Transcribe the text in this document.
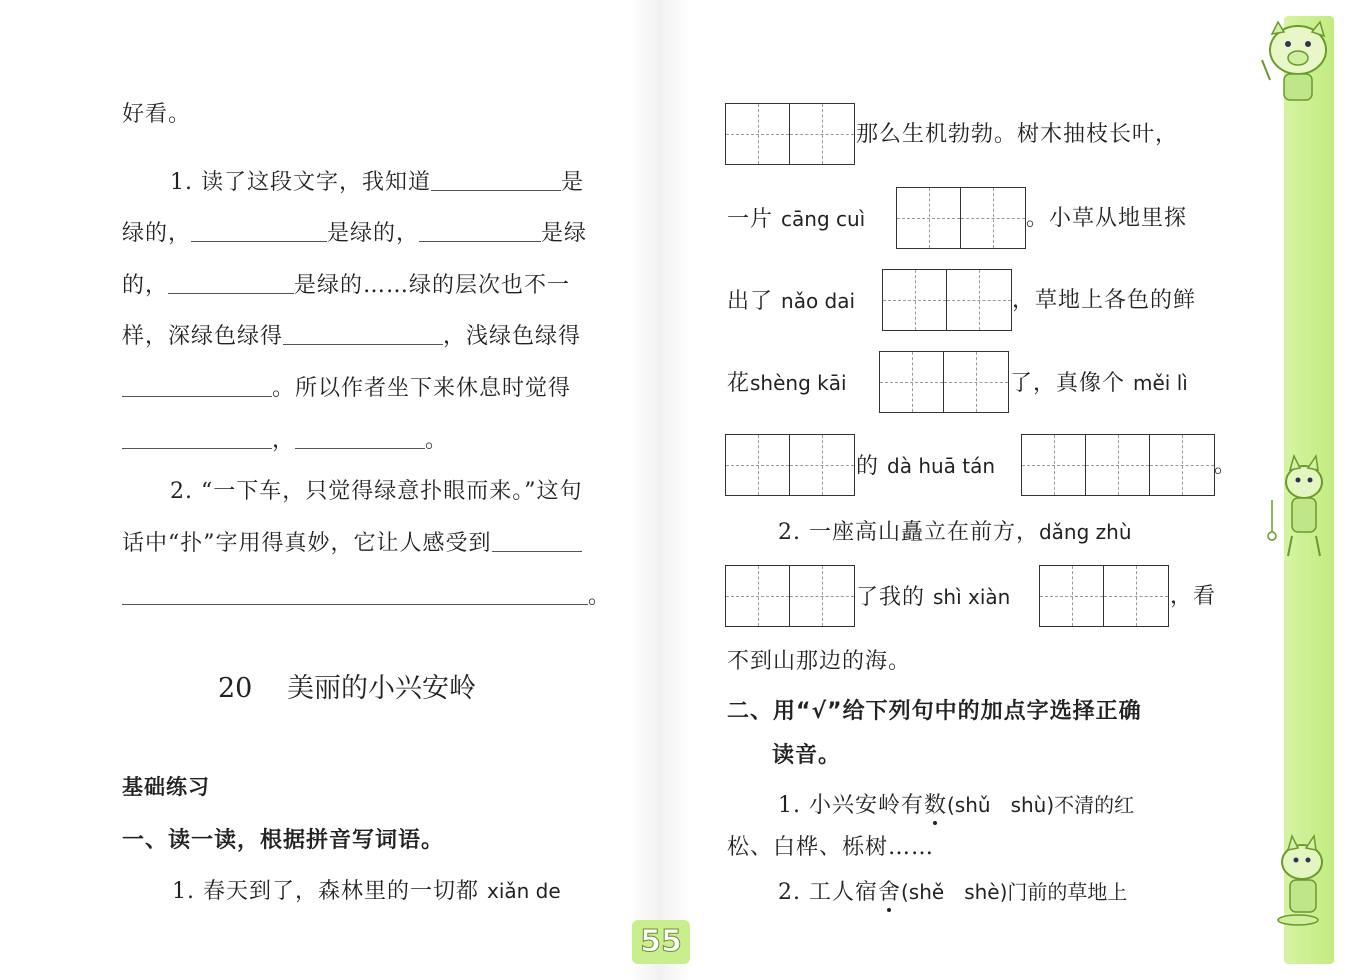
好看。
1. 读了这段文字，我知道	是
绿的，	是绿的，	是绿
的，	是绿的……绿的层次也不一
样，深绿色绿得	，浅绿色绿得
。所以作者坐下来休息时觉得
，	。
2. “一下车，只觉得绿意扑眼而来。”这句
话中“扑”字用得真妙，它让人感受到
。
20 美丽的小兴安岭
基础练习
一、读一读，根据拼音写词语。
1. 春天到了，森林里的一切都 xiǎn de
那么生机勃勃。树木抽枝长叶，
一片 cāng cuì	。小草从地里探
出了 nǎo dai	，草地上各色的鲜
花shèng kāi	了，真像个 měi lì
的 dà huā tán	。
2. 一座高山矗立在前方，dǎng zhù
了我的 shì xiàn	，看
不到山那边的海。
二、用“√”给下列句中的加点字选择正确
读音。
1. 小兴安岭有数(shǔ　shù)不清的红
松、白桦、栎树……
2. 工人宿舍(shě　shè)门前的草地上
55
